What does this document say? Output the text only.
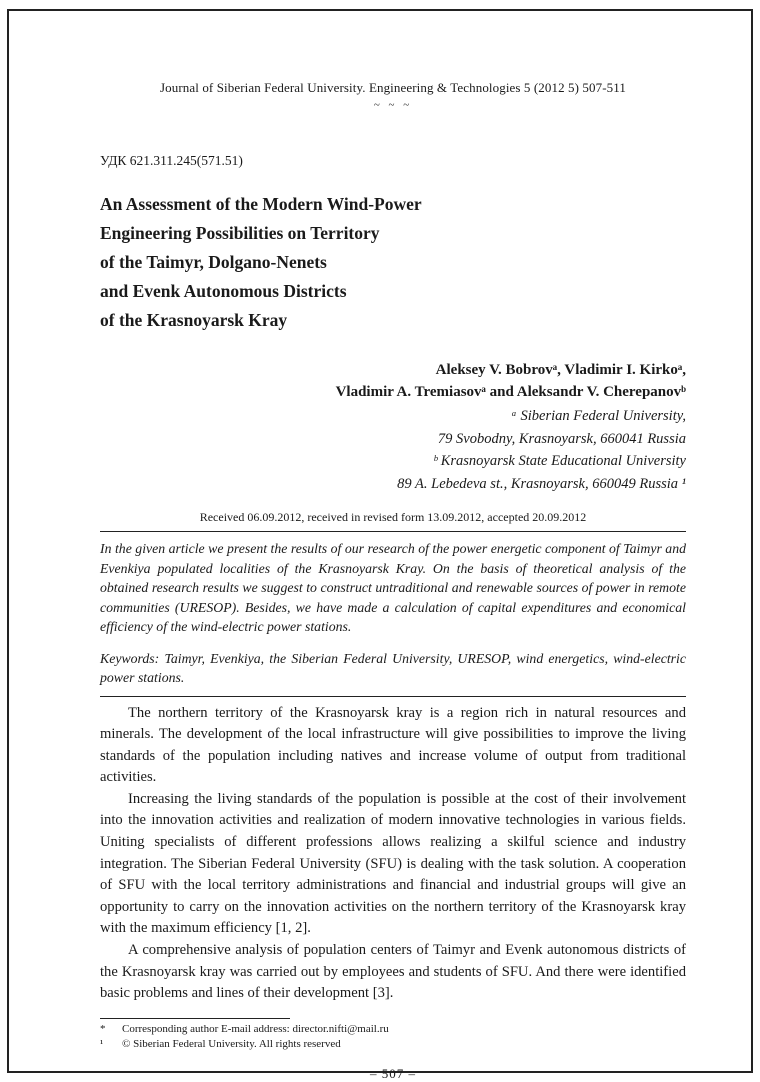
Journal of Siberian Federal University. Engineering & Technologies 5 (2012 5) 507-511
~ ~ ~
УДК 621.311.245(571.51)
An Assessment of the Modern Wind-Power
Engineering Possibilities on Territory
of the Taimyr, Dolgano-Nenets
and Evenk Autonomous Districts
of the Krasnoyarsk Kray
Aleksey V. Bobrovᵃ, Vladimir I. Kirkoᵃ,
Vladimir A. Tremiasovᵃ and Aleksandr V. Cherepanovᵇ
ᵃ Siberian Federal University,
79 Svobodny, Krasnoyarsk, 660041 Russia
ᵇ Krasnoyarsk State Educational University
89 A. Lebedeva st., Krasnoyarsk, 660049 Russia ¹
Received 06.09.2012, received in revised form 13.09.2012, accepted 20.09.2012
In the given article we present the results of our research of the power energetic component of Taimyr and Evenkiya populated localities of the Krasnoyarsk Kray. On the basis of theoretical analysis of the obtained research results we suggest to construct untraditional and renewable sources of power in remote communities (URESOP). Besides, we have made a calculation of capital expenditures and economical efficiency of the wind-electric power stations.
Keywords: Taimyr, Evenkiya, the Siberian Federal University, URESOP, wind energetics, wind-electric power stations.

The northern territory of the Krasnoyarsk kray is a region rich in natural resources and minerals. The development of the local infrastructure will give possibilities to improve the living standards of the population including natives and increase volume of output from traditional activities.

Increasing the living standards of the population is possible at the cost of their involvement into the innovation activities and realization of modern innovative technologies in various fields. Uniting specialists of different professions allows realizing a skilful science and industry integration. The Siberian Federal University (SFU) is dealing with the task solution. A cooperation of SFU with the local territory administrations and financial and industrial groups will give an opportunity to carry on the innovation activities on the northern territory of the Krasnoyarsk kray with the maximum efficiency [1, 2].

A comprehensive analysis of population centers of Taimyr and Evenk autonomous districts of the Krasnoyarsk kray was carried out by employees and students of SFU. And there were identified basic problems and lines of their development [3].

*	Corresponding author E-mail address: director.nifti@mail.ru
¹	© Siberian Federal University. All rights reserved
– 507 –
